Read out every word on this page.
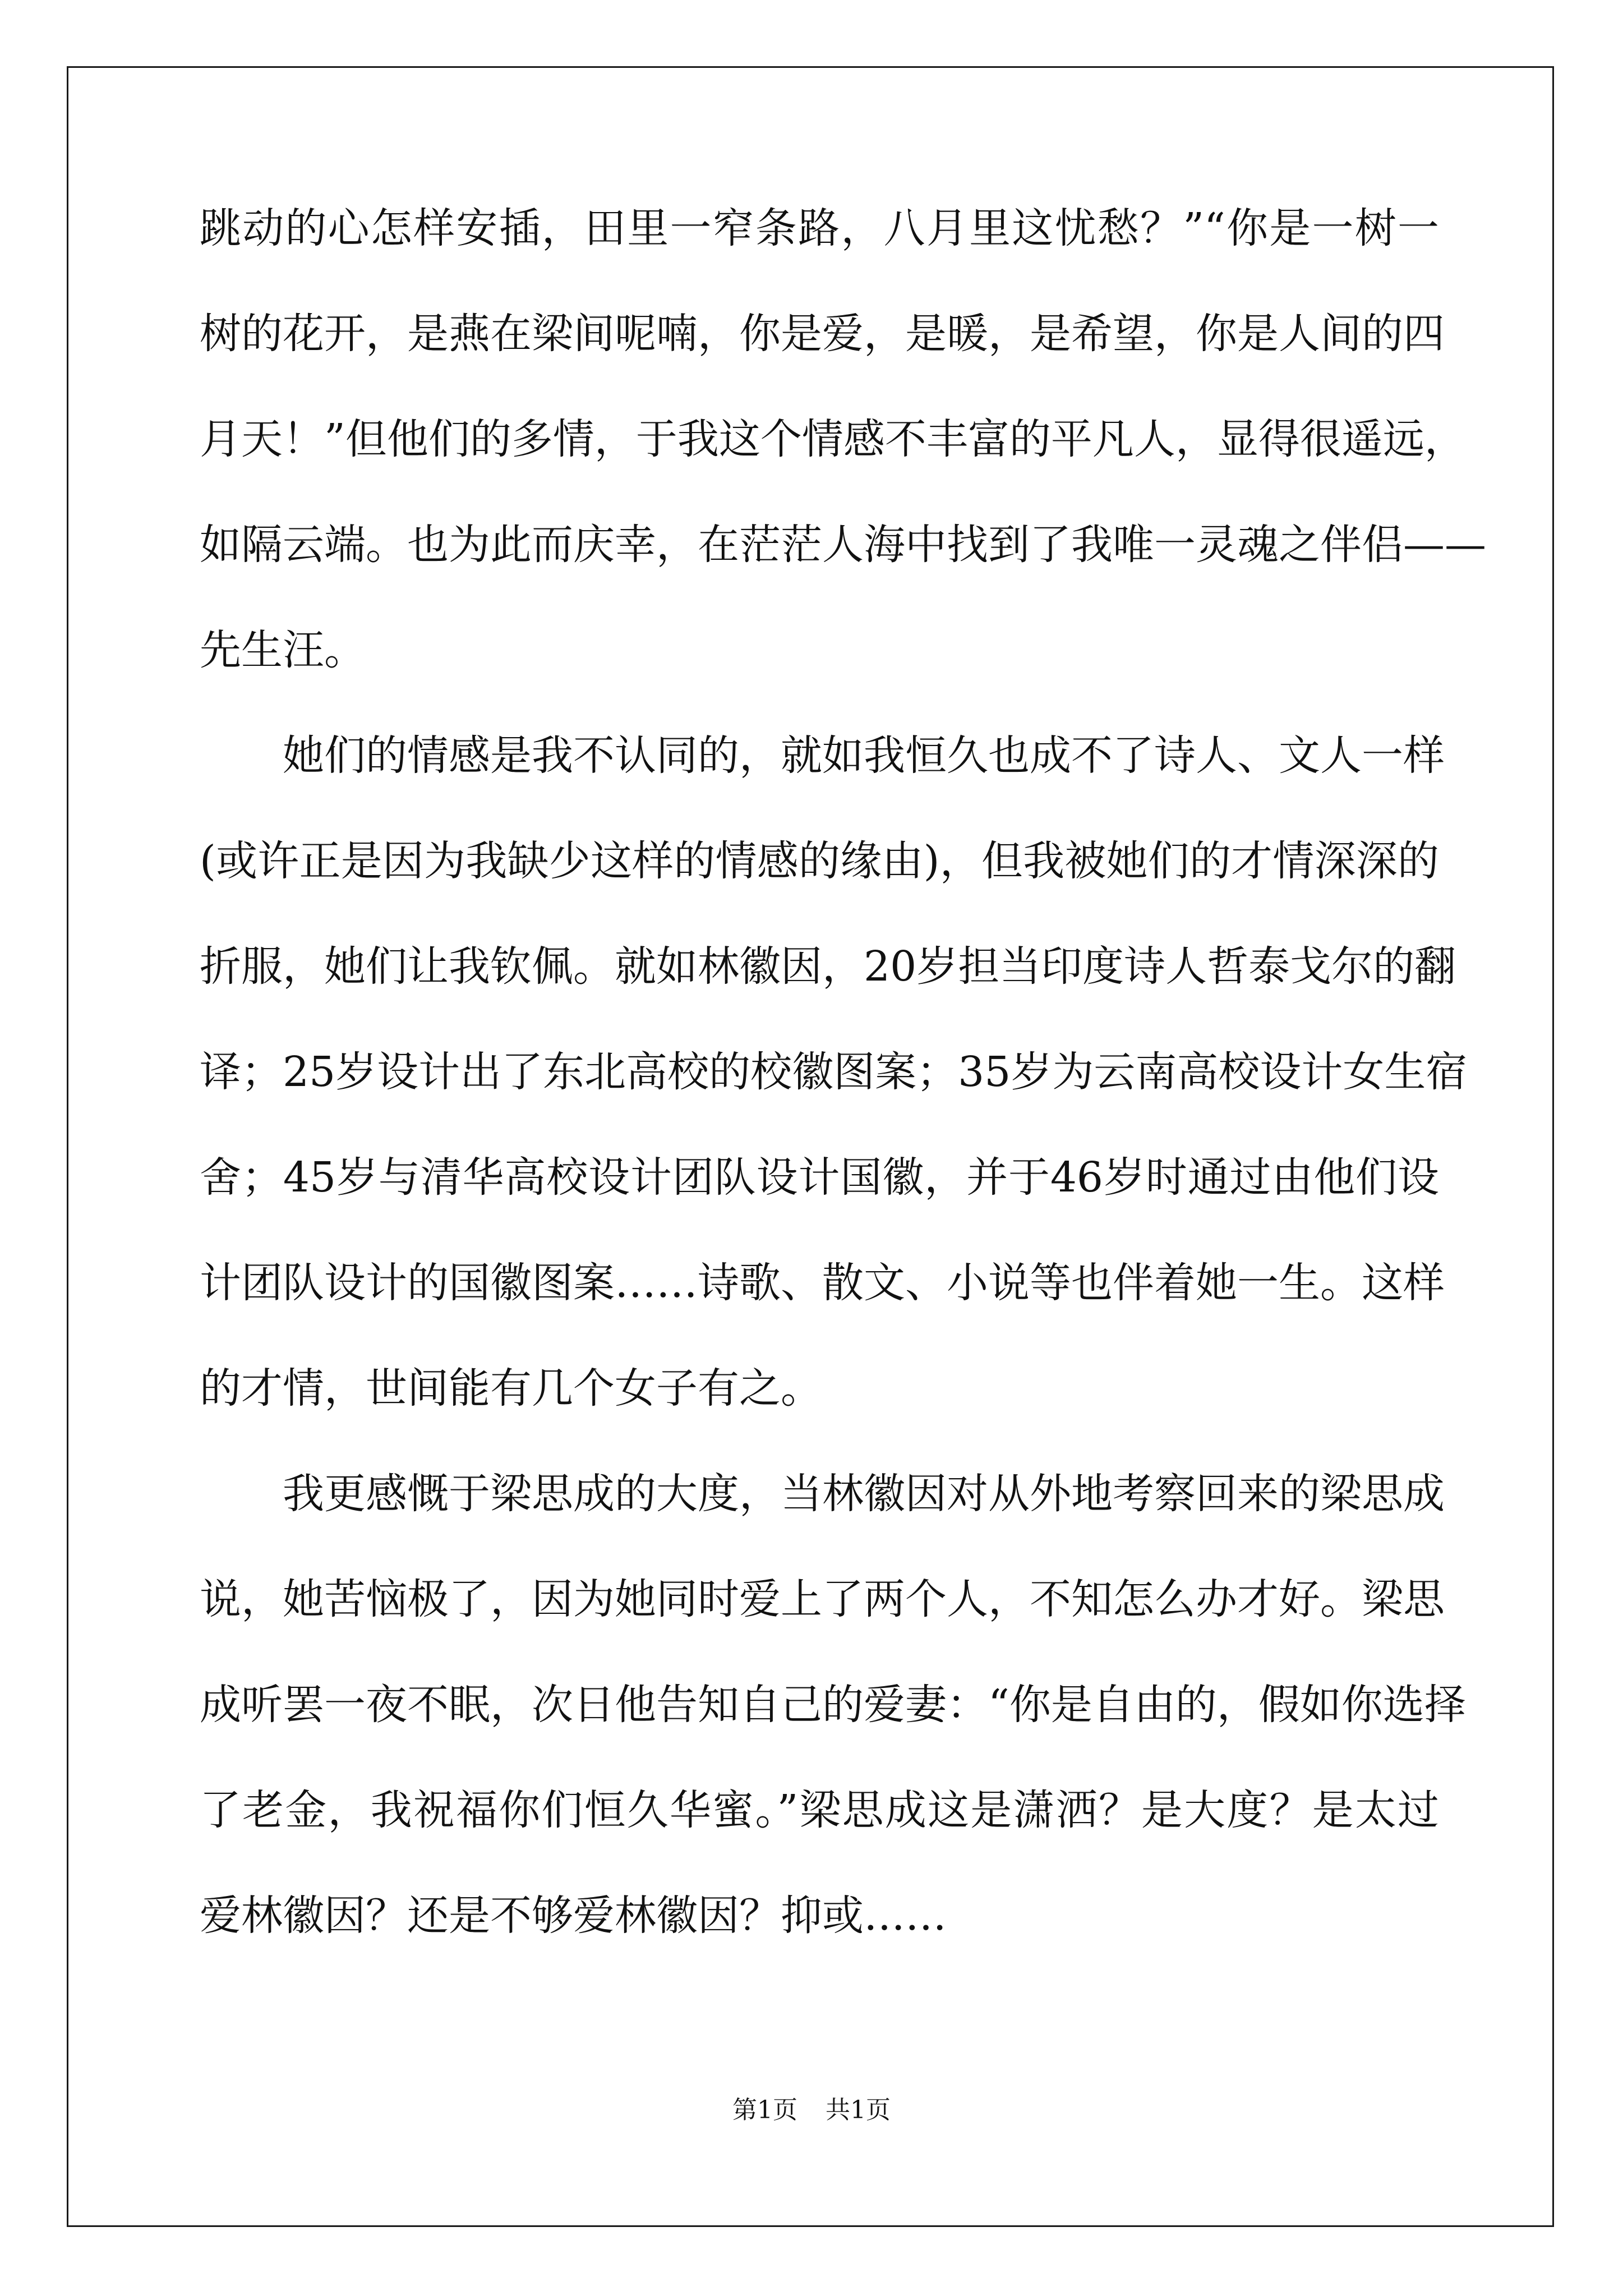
跳动的心怎样安插，田里一窄条路，八月里这忧愁？”“你是一树一
树的花开，是燕在梁间呢喃，你是爱，是暖，是希望，你是人间的四
月天！”但他们的多情，于我这个情感不丰富的平凡人，显得很遥远，
如隔云端。也为此而庆幸，在茫茫人海中找到了我唯一灵魂之伴侣——
先生汪。
她们的情感是我不认同的，就如我恒久也成不了诗人、文人一样
(或许正是因为我缺少这样的情感的缘由)，但我被她们的才情深深的
折服，她们让我钦佩。就如林徽因，20岁担当印度诗人哲泰戈尔的翻
译；25岁设计出了东北高校的校徽图案；35岁为云南高校设计女生宿
舍；45岁与清华高校设计团队设计国徽，并于46岁时通过由他们设
计团队设计的国徽图案……诗歌、散文、小说等也伴着她一生。这样
的才情，世间能有几个女子有之。
我更感慨于梁思成的大度，当林徽因对从外地考察回来的梁思成
说，她苦恼极了，因为她同时爱上了两个人，不知怎么办才好。梁思
成听罢一夜不眠，次日他告知自己的爱妻：“你是自由的，假如你选择
了老金，我祝福你们恒久华蜜。”梁思成这是潇洒？是大度？是太过
爱林徽因？还是不够爱林徽因？抑或……
第1页 共1页
